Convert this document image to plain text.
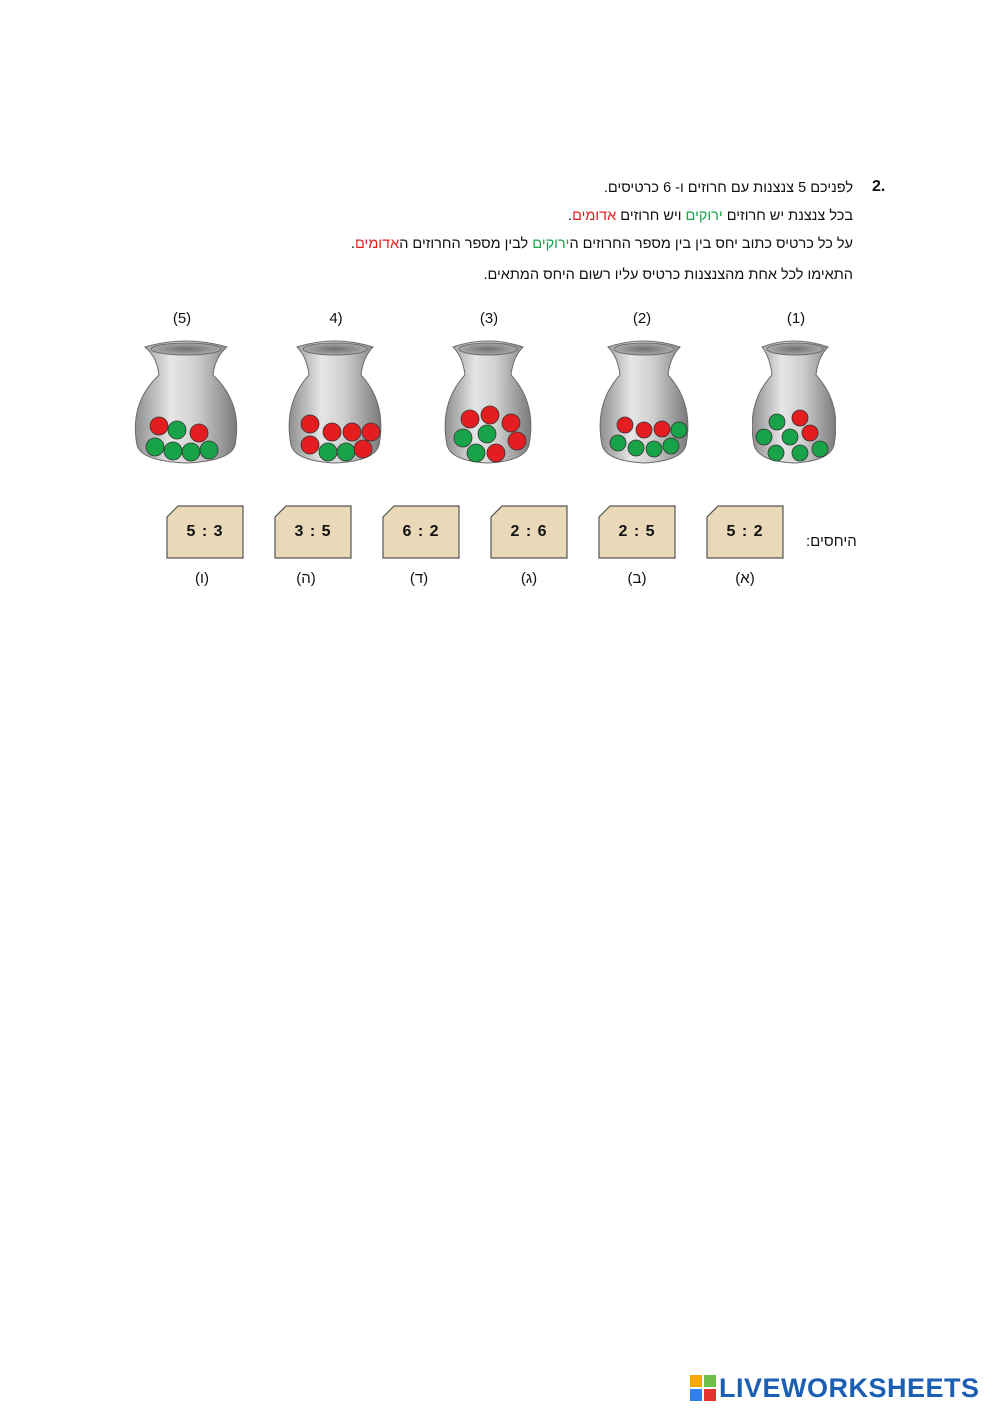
2.
לפניכם 5 צנצנות עם חרוזים ו- 6 כרטיסים.
בכל צנצנת יש חרוזים ירוקים ויש חרוזים אדומים.
על כל כרטיס כתוב יחס בין בין מספר החרוזים הירוקים לבין מספר החרוזים האדומים.
התאימו לכל אחת מהצנצנות כרטיס עליו רשום היחס המתאים.
(1)
(2)
(3)
4)
(5)
היחסים:
5 : 2
2 : 5
2 : 6
6 : 2
3 : 5
5 : 3
(א)
(ב)
(ג)
(ד)
(ה)
(ו)
LIVEWORKSHEETS
